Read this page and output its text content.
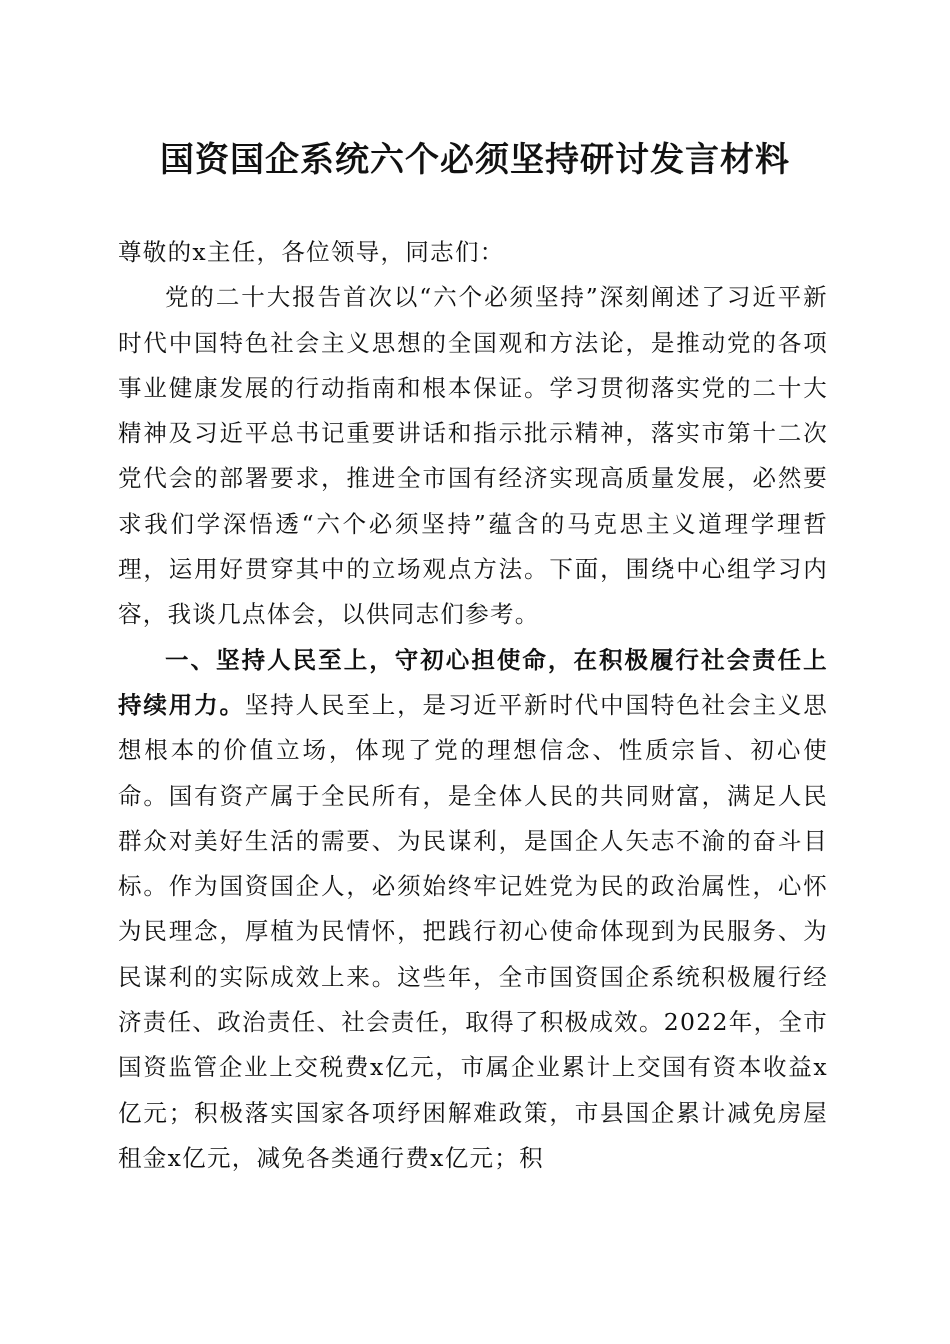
国资国企系统六个必须坚持研讨发言材料

尊敬的x主任，各位领导，同志们：

党的二十大报告首次以“六个必须坚持”深刻阐述了习近平新时代中国特色社会主义思想的全国观和方法论，是推动党的各项事业健康发展的行动指南和根本保证。学习贯彻落实党的二十大精神及习近平总书记重要讲话和指示批示精神，落实市第十二次党代会的部署要求，推进全市国有经济实现高质量发展，必然要求我们学深悟透“六个必须坚持”蕴含的马克思主义道理学理哲理，运用好贯穿其中的立场观点方法。下面，围绕中心组学习内容，我谈几点体会，以供同志们参考。

一、坚持人民至上，守初心担使命，在积极履行社会责任上持续用力。坚持人民至上，是习近平新时代中国特色社会主义思想根本的价值立场，体现了党的理想信念、性质宗旨、初心使命。国有资产属于全民所有，是全体人民的共同财富，满足人民群众对美好生活的需要、为民谋利，是国企人矢志不渝的奋斗目标。作为国资国企人，必须始终牢记姓党为民的政治属性，心怀为民理念，厚植为民情怀，把践行初心使命体现到为民服务、为民谋利的实际成效上来。这些年，全市国资国企系统积极履行经济责任、政治责任、社会责任，取得了积极成效。2022年，全市国资监管企业上交税费x亿元，市属企业累计上交国有资本收益x亿元；积极落实国家各项纾困解难政策，市县国企累计减免房屋租金x亿元，减免各类通行费x亿元；积
